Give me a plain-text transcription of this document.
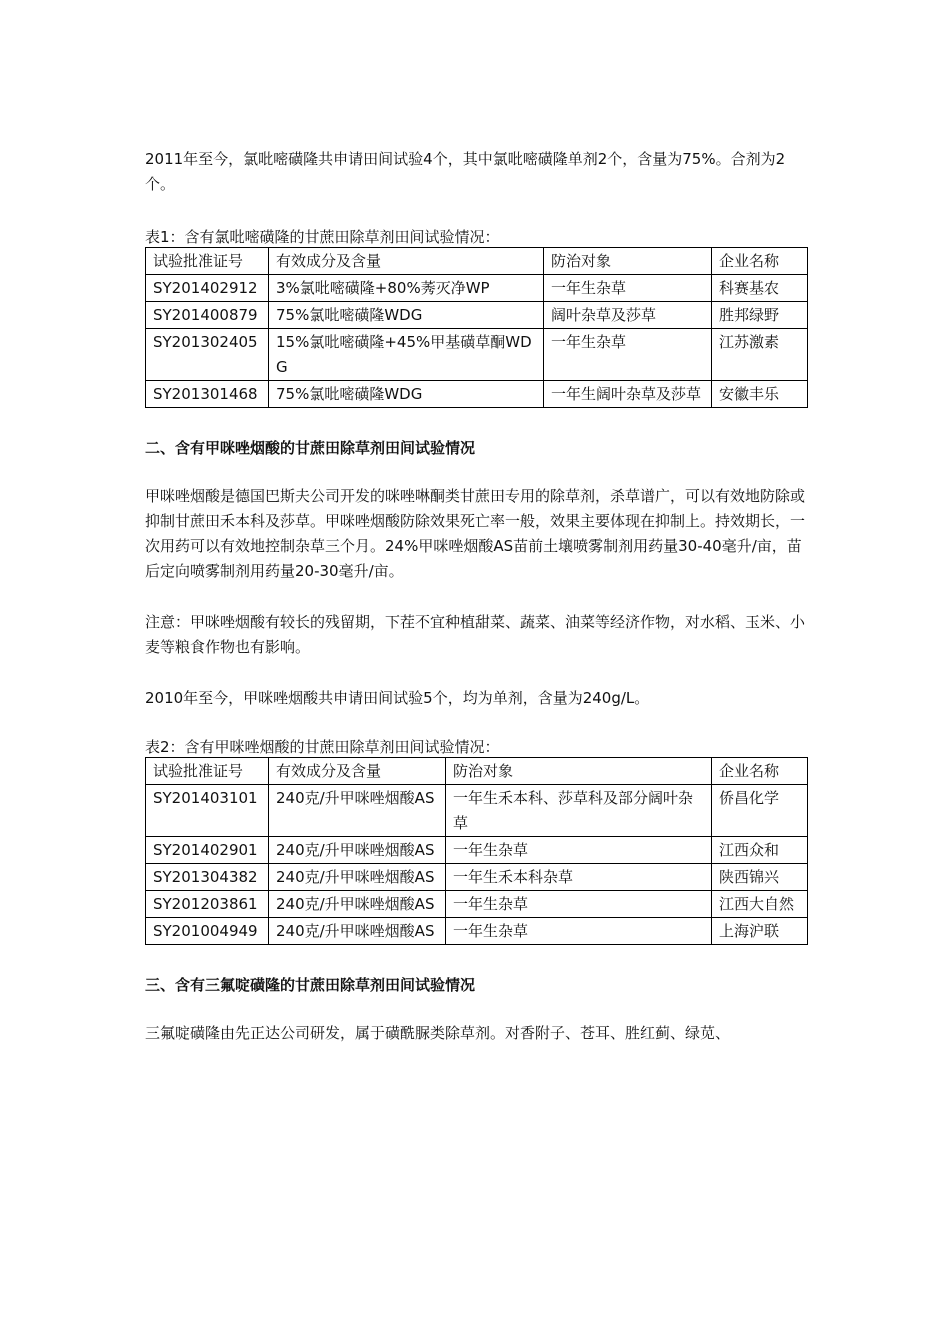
2011年至今，氯吡嘧磺隆共申请田间试验4个，其中氯吡嘧磺隆单剂2个，含量为75%。合剂为2个。

表1：含有氯吡嘧磺隆的甘蔗田除草剂田间试验情况：

试验批准证号	有效成分及含量	防治对象	企业名称
SY201402912	3%氯吡嘧磺隆+80%莠灭净WP	一年生杂草	科赛基农
SY201400879	75%氯吡嘧磺隆WDG	阔叶杂草及莎草	胜邦绿野
SY201302405	15%氯吡嘧磺隆+45%甲基磺草酮WDG	一年生杂草	江苏激素
SY201301468	75%氯吡嘧磺隆WDG	一年生阔叶杂草及莎草	安徽丰乐

二、含有甲咪唑烟酸的甘蔗田除草剂田间试验情况

甲咪唑烟酸是德国巴斯夫公司开发的咪唑啉酮类甘蔗田专用的除草剂，杀草谱广，可以有效地防除或抑制甘蔗田禾本科及莎草。甲咪唑烟酸防除效果死亡率一般，效果主要体现在抑制上。持效期长，一次用药可以有效地控制杂草三个月。24%甲咪唑烟酸AS苗前土壤喷雾制剂用药量30-40毫升/亩，苗后定向喷雾制剂用药量20-30毫升/亩。

注意：甲咪唑烟酸有较长的残留期，下茬不宜种植甜菜、蔬菜、油菜等经济作物，对水稻、玉米、小麦等粮食作物也有影响。

2010年至今，甲咪唑烟酸共申请田间试验5个，均为单剂，含量为240g/L。

表2：含有甲咪唑烟酸的甘蔗田除草剂田间试验情况：

试验批准证号	有效成分及含量	防治对象	企业名称
SY201403101	240克/升甲咪唑烟酸AS	一年生禾本科、莎草科及部分阔叶杂草	侨昌化学
SY201402901	240克/升甲咪唑烟酸AS	一年生杂草	江西众和
SY201304382	240克/升甲咪唑烟酸AS	一年生禾本科杂草	陕西锦兴
SY201203861	240克/升甲咪唑烟酸AS	一年生杂草	江西大自然
SY201004949	240克/升甲咪唑烟酸AS	一年生杂草	上海沪联

三、含有三氟啶磺隆的甘蔗田除草剂田间试验情况

三氟啶磺隆由先正达公司研发，属于磺酰脲类除草剂。对香附子、苍耳、胜红蓟、绿苋、
